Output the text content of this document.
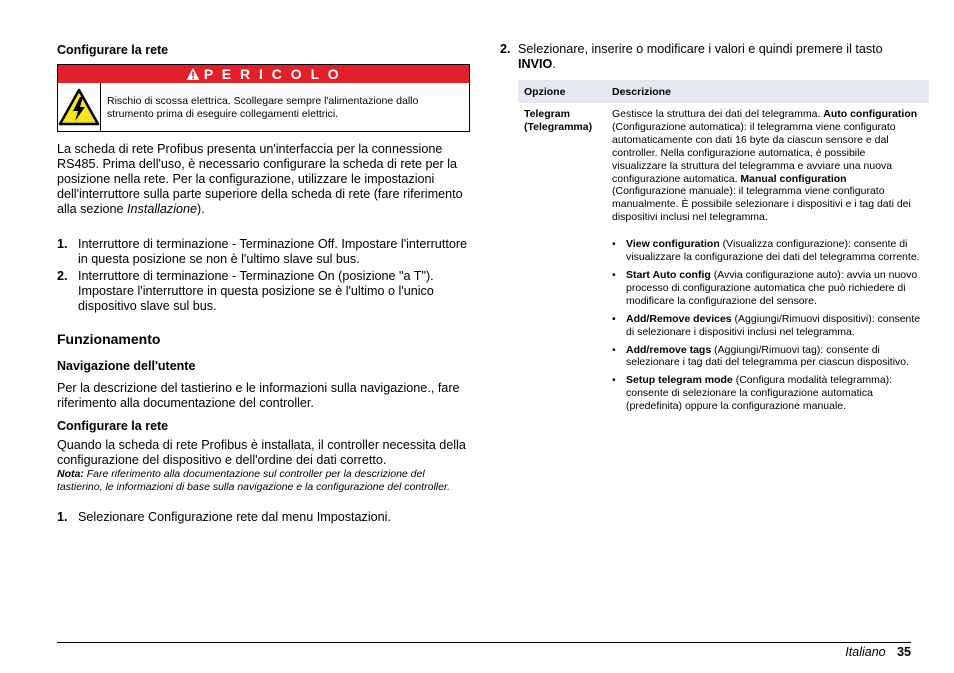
Configurare la rete
P E R I C O L O
Rischio di scossa elettrica. Scollegare sempre l'alimentazione dallo strumento prima di eseguire collegamenti elettrici.

La scheda di rete Profibus presenta un'interfaccia per la connessione RS485. Prima dell'uso, è necessario configurare la scheda di rete per la posizione nella rete. Per la configurazione, utilizzare le impostazioni dell'interruttore sulla parte superiore della scheda di rete (fare riferimento alla sezione Installazione).

1. Interruttore di terminazione - Terminazione Off. Impostare l'interruttore in questa posizione se non è l'ultimo slave sul bus.
2. Interruttore di terminazione - Terminazione On (posizione "a T"). Impostare l'interruttore in questa posizione se è l'ultimo o l'unico dispositivo slave sul bus.
Funzionamento
Navigazione dell'utente

Per la descrizione del tastierino e le informazioni sulla navigazione., fare riferimento alla documentazione del controller.

Configurare la rete

Quando la scheda di rete Profibus è installata, il controller necessita della configurazione del dispositivo e dell'ordine dei dati corretto.

Nota: Fare riferimento alla documentazione sul controller per la descrizione del tastierino, le informazioni di base sulla navigazione e la configurazione del controller.

1. Selezionare Configurazione rete dal menu Impostazioni.
2. Selezionare, inserire o modificare i valori e quindi premere il tasto INVIO.
Opzione	Descrizione
Telegram (Telegramma)	Gestisce la struttura dei dati del telegramma. Auto configuration (Configurazione automatica): il telegramma viene configurato automaticamente con dati 16 byte da ciascun sensore e dal controller. Nella configurazione automatica, è possibile visualizzare la struttura del telegramma e avviare una nuova configurazione automatica. Manual configuration (Configurazione manuale): il telegramma viene configurato manualmente. È possibile selezionare i dispositivi e i tag dati dei dispositivi inclusi nel telegramma.
• View configuration (Visualizza configurazione): consente di visualizzare la configurazione dei dati del telegramma corrente.
• Start Auto config (Avvia configurazione auto): avvia un nuovo processo di configurazione automatica che può richiedere di modificare la configurazione del sensore.
• Add/Remove devices (Aggiungi/Rimuovi dispositivi): consente di selezionare i dispositivi inclusi nel telegramma.
• Add/remove tags (Aggiungi/Rimuovi tag): consente di selezionare i tag dati del telegramma per ciascun dispositivo.
• Setup telegram mode (Configura modalità telegramma): consente di selezionare la configurazione automatica (predefinita) oppure la configurazione manuale.
Italiano 35
